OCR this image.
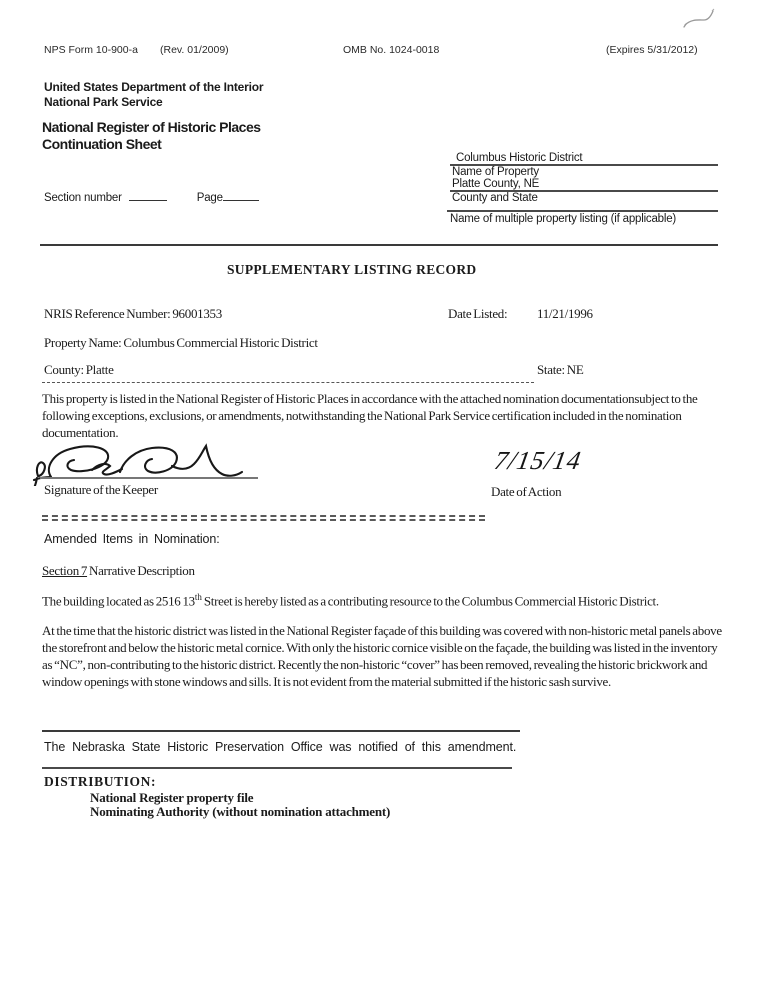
NPS Form 10-900-a (Rev. 01/2009)	OMB No. 1024-0018	(Expires 5/31/2012)
United States Department of the Interior
National Park Service
National Register of Historic Places
Continuation Sheet
Columbus Historic District
Name of Property
Platte County, NE
County and State
Name of multiple property listing (if applicable)
Section number	Page
SUPPLEMENTARY LISTING RECORD
NRIS Reference Number: 96001353	Date Listed: 11/21/1996
Property Name: Columbus Commercial Historic District
County: Platte	State: NE
This property is listed in the National Register of Historic Places in accordance with the attached nomination documentationsubject to the following exceptions, exclusions, or amendments, notwithstanding the National Park Service certification included in the nomination documentation.
Signature of the Keeper
7/15/14
Date of Action
Amended Items in Nomination:
Section 7 Narrative Description
The building located as 2516 13th Street is hereby listed as a contributing resource to the Columbus Commercial Historic District.
At the time that the historic district was listed in the National Register façade of this building was covered with non-historic metal panels above the storefront and below the historic metal cornice. With only the historic cornice visible on the façade, the building was listed in the inventory as “NC”, non-contributing to the historic district. Recently the non-historic “cover” has been removed, revealing the historic brickwork and window openings with stone windows and sills. It is not evident from the material submitted if the historic sash survive.
The Nebraska State Historic Preservation Office was notified of this amendment.
DISTRIBUTION:
National Register property file
Nominating Authority (without nomination attachment)
